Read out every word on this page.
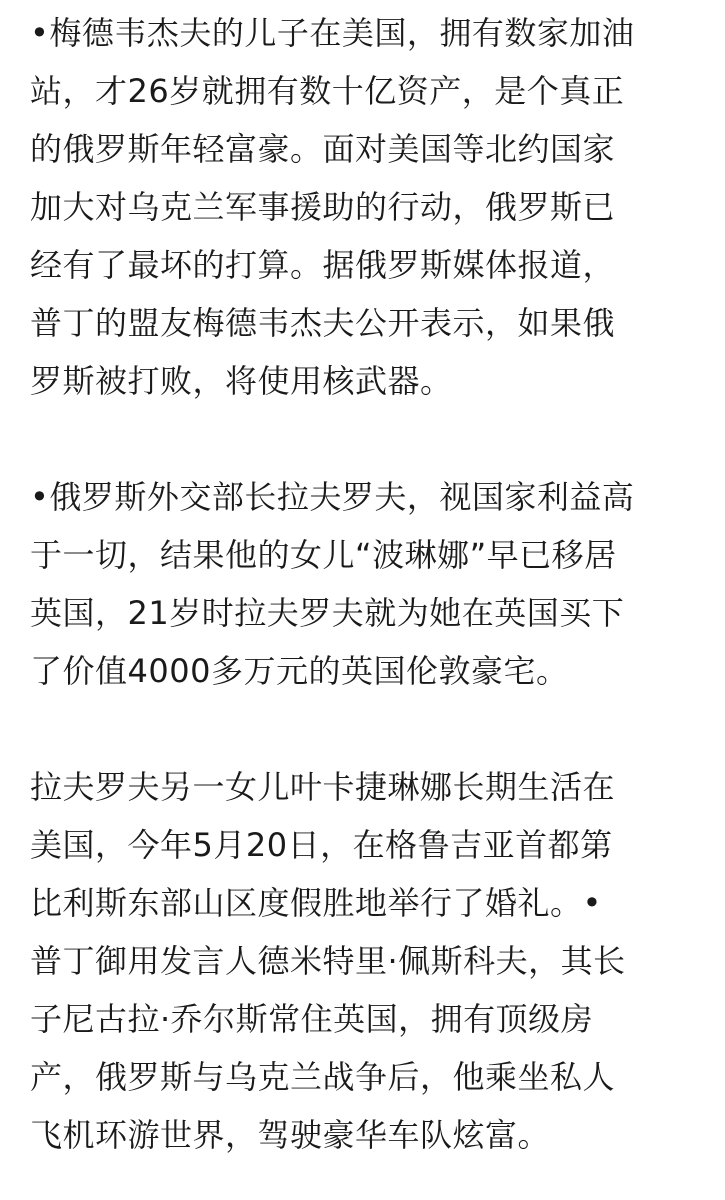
•梅德韦杰夫的儿子在美国，拥有数家加油
站，才26岁就拥有数十亿资产，是个真正
的俄罗斯年轻富豪。面对美国等北约国家
加大对乌克兰军事援助的行动，俄罗斯已
经有了最坏的打算。据俄罗斯媒体报道，
普丁的盟友梅德韦杰夫公开表示，如果俄
罗斯被打败，将使用核武器。
•俄罗斯外交部长拉夫罗夫，视国家利益高
于一切，结果他的女儿“波琳娜”早已移居
英国，21岁时拉夫罗夫就为她在英国买下
了价值4000多万元的英国伦敦豪宅。
拉夫罗夫另一女儿叶卡捷琳娜长期生活在
美国，今年5月20日，在格鲁吉亚首都第
比利斯东部山区度假胜地举行了婚礼。•
普丁御用发言人德米特里·佩斯科夫，其长
子尼古拉·乔尔斯常住英国，拥有顶级房
产，俄罗斯与乌克兰战争后，他乘坐私人
飞机环游世界，驾驶豪华车队炫富。
